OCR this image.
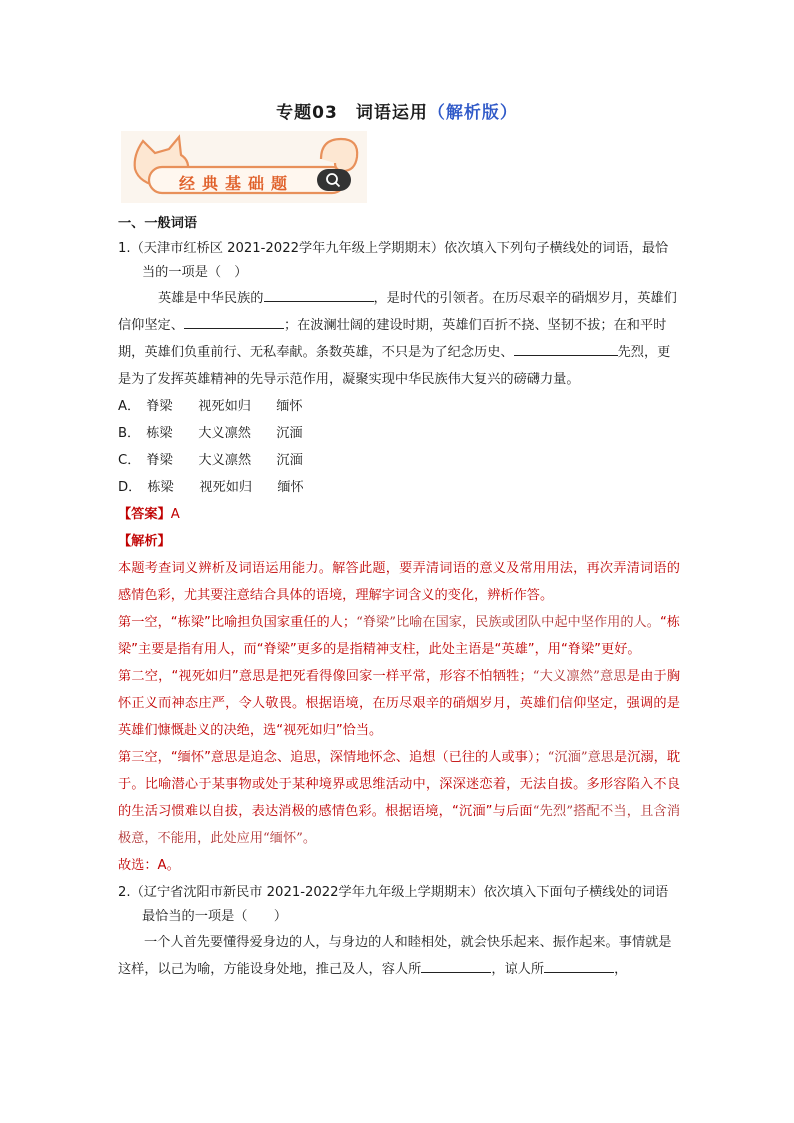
专题03　词语运用（解析版）
经典基础题

一、一般词语

1.（天津市红桥区 2021-2022学年九年级上学期期末）依次填入下列句子横线处的词语，最恰当的一项是（　）

英雄是中华民族的	，是时代的引领者。在历尽艰辛的硝烟岁月，英雄们信仰坚定、	；在波澜壮阔的建设时期，英雄们百折不挠、坚韧不拔；在和平时期，英雄们负重前行、无私奉献。条数英雄，不只是为了纪念历史、	先烈，更是为了发挥英雄精神的先导示范作用，凝聚实现中华民族伟大复兴的磅礴力量。

A． 脊梁 视死如归 缅怀

B． 栋梁 大义凛然 沉湎

C． 脊梁 大义凛然 沉湎

D． 栋梁 视死如归 缅怀

【答案】A

【解析】

本题考查词义辨析及词语运用能力。解答此题，要弄清词语的意义及常用用法，再次弄清词语的感情色彩，尤其要注意结合具体的语境，理解字词含义的变化，辨析作答。

第一空，“栋梁”比喻担负国家重任的人；“脊梁”比喻在国家，民族或团队中起中坚作用的人。“栋梁”主要是指有用人，而“脊梁”更多的是指精神支柱，此处主语是“英雄”，用“脊梁”更好。

第二空，“视死如归”意思是把死看得像回家一样平常，形容不怕牺牲；“大义凛然”意思是由于胸怀正义而神态庄严，令人敬畏。根据语境，在历尽艰辛的硝烟岁月，英雄们信仰坚定，强调的是英雄们慷慨赴义的决绝，选“视死如归”恰当。

第三空，“缅怀”意思是追念、追思，深情地怀念、追想（已往的人或事）；“沉湎”意思是沉溺，耽于。比喻潜心于某事物或处于某种境界或思维活动中，深深迷恋着，无法自拔。多形容陷入不良的生活习惯难以自拔，表达消极的感情色彩。根据语境，“沉湎”与后面“先烈”搭配不当，且含消极意，不能用，此处应用“缅怀”。

故选：A。

2.（辽宁省沈阳市新民市 2021-2022学年九年级上学期期末）依次填入下面句子横线处的词语最恰当的一项是（　　）

一个人首先要懂得爱身边的人，与身边的人和睦相处，就会快乐起来、振作起来。事情就是这样，以己为喻，方能设身处地，推己及人，容人所	，谅人所	，
